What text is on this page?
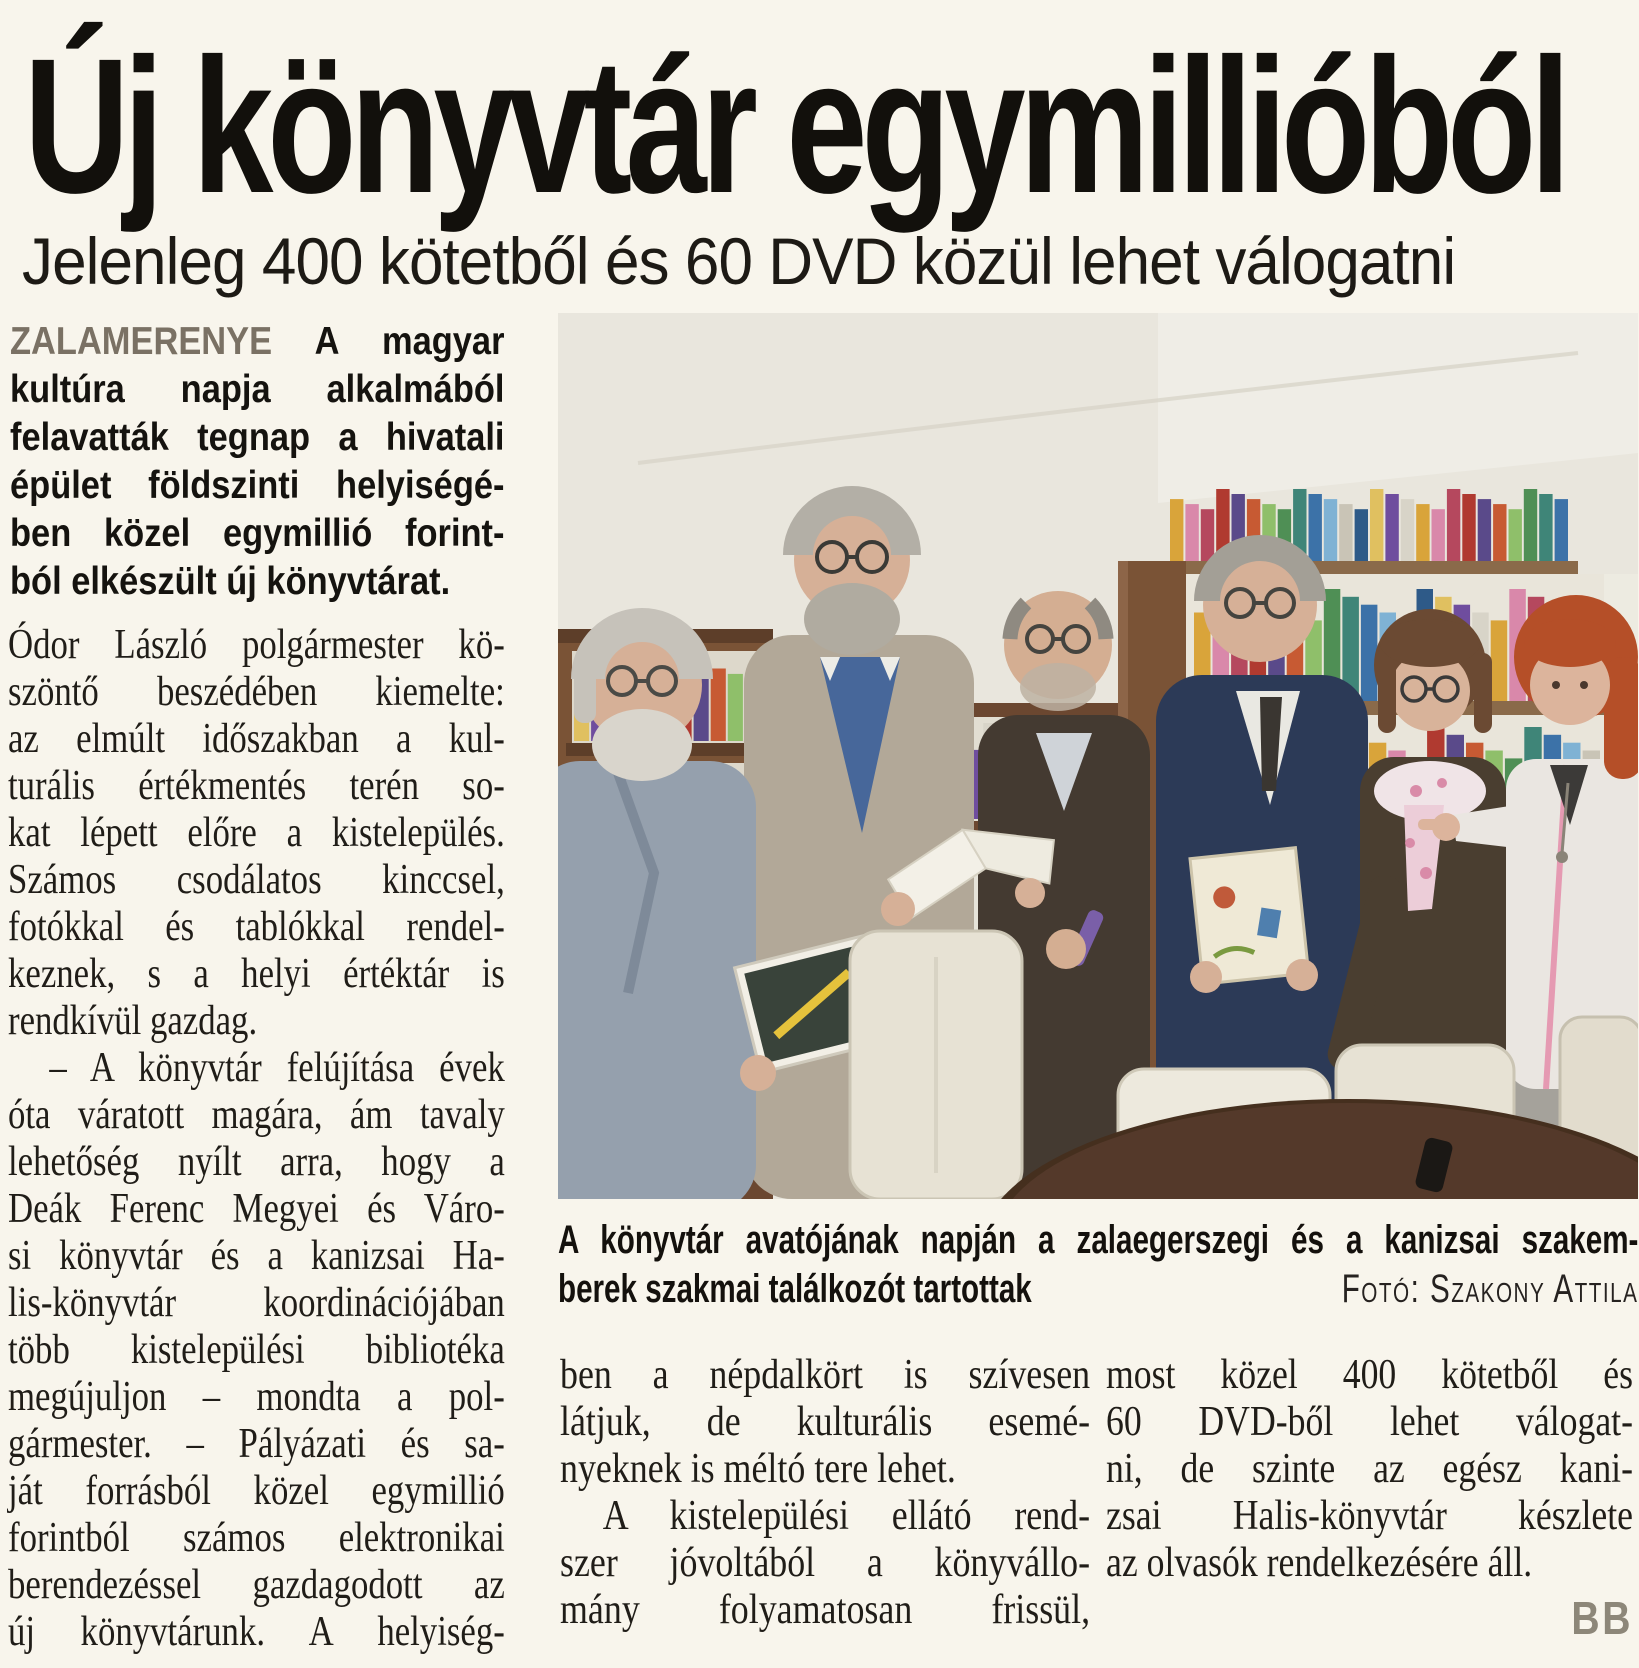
Új könyvtár egymillióból
Jelenleg 400 kötetből és 60 DVD közül lehet válogatni
ZALAMERENYE A magyar
kultúra napja alkalmából
felavatták tegnap a hivatali
épület földszinti helyiségé-
ben közel egymillió forint-
ból elkészült új könyvtárat.
Ódor László polgármester kö-
szöntő beszédében kiemelte:
az elmúlt időszakban a kul-
turális értékmentés terén so-
kat lépett előre a kistelepülés.
Számos csodálatos kinccsel,
fotókkal és tablókkal rendel-
keznek, s a helyi értéktár is
rendkívül gazdag.
– A könyvtár felújítása évek
óta váratott magára, ám tavaly
lehetőség nyílt arra, hogy a
Deák Ferenc Megyei és Váro-
si könyvtár és a kanizsai Ha-
lis-könyvtár koordinációjában
több kistelepülési bibliotéka
megújuljon – mondta a pol-
gármester. – Pályázati és sa-
ját forrásból közel egymillió
forintból számos elektronikai
berendezéssel gazdagodott az
új könyvtárunk. A helyiség-
A könyvtár avatójának napján a zalaegerszegi és a kanizsai szakem-
berek szakmai találkozót tartottak	Fotó: Szakony Attila
ben a népdalkört is szívesen
látjuk, de kulturális esemé-
nyeknek is méltó tere lehet.
A kistelepülési ellátó rend-
szer jóvoltából a könyvállo-
mány folyamatosan frissül,
most közel 400 kötetből és
60 DVD-ből lehet válogat-
ni, de szinte az egész kani-
zsai Halis-könyvtár készlete
az olvasók rendelkezésére áll.
BB
